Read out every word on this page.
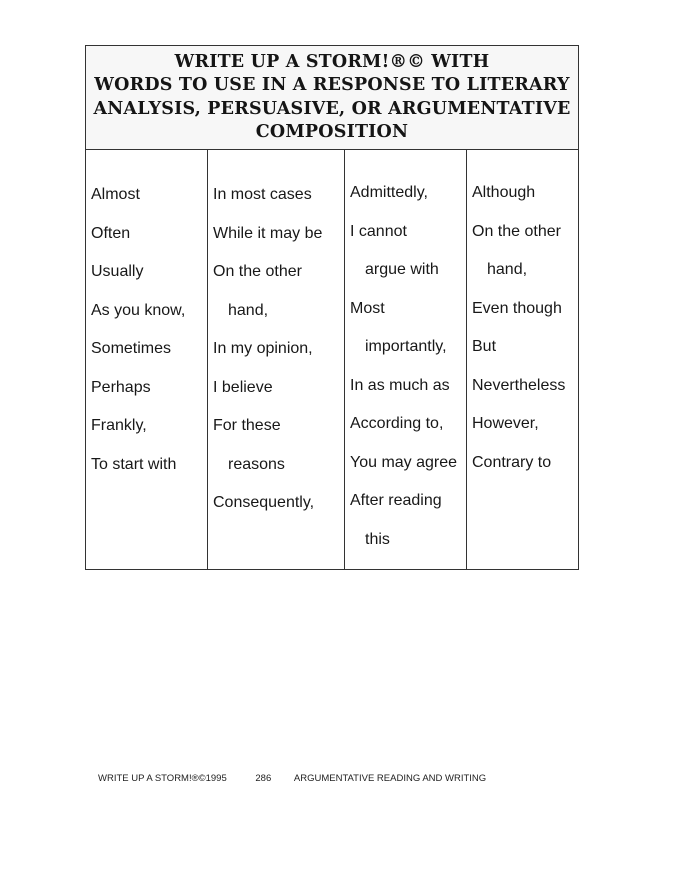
WRITE UP A STORM!®© WITH
WORDS TO USE IN A RESPONSE TO LITERARY
ANALYSIS, PERSUASIVE, OR ARGUMENTATIVE
COMPOSITION
Almost
Often
Usually
As you know,
Sometimes
Perhaps
Frankly,
To start with
In most cases
While it may be
On the other
hand,
In my opinion,
I believe
For these
reasons
Consequently,
Admittedly,
I cannot
argue with
Most
importantly,
In as much as
According to,
You may agree
After reading
this
Although
On the other
hand,
Even though
But
Nevertheless
However,
Contrary to
WRITE UP A STORM!®©1995	286 ARGUMENTATIVE READING AND WRITING
